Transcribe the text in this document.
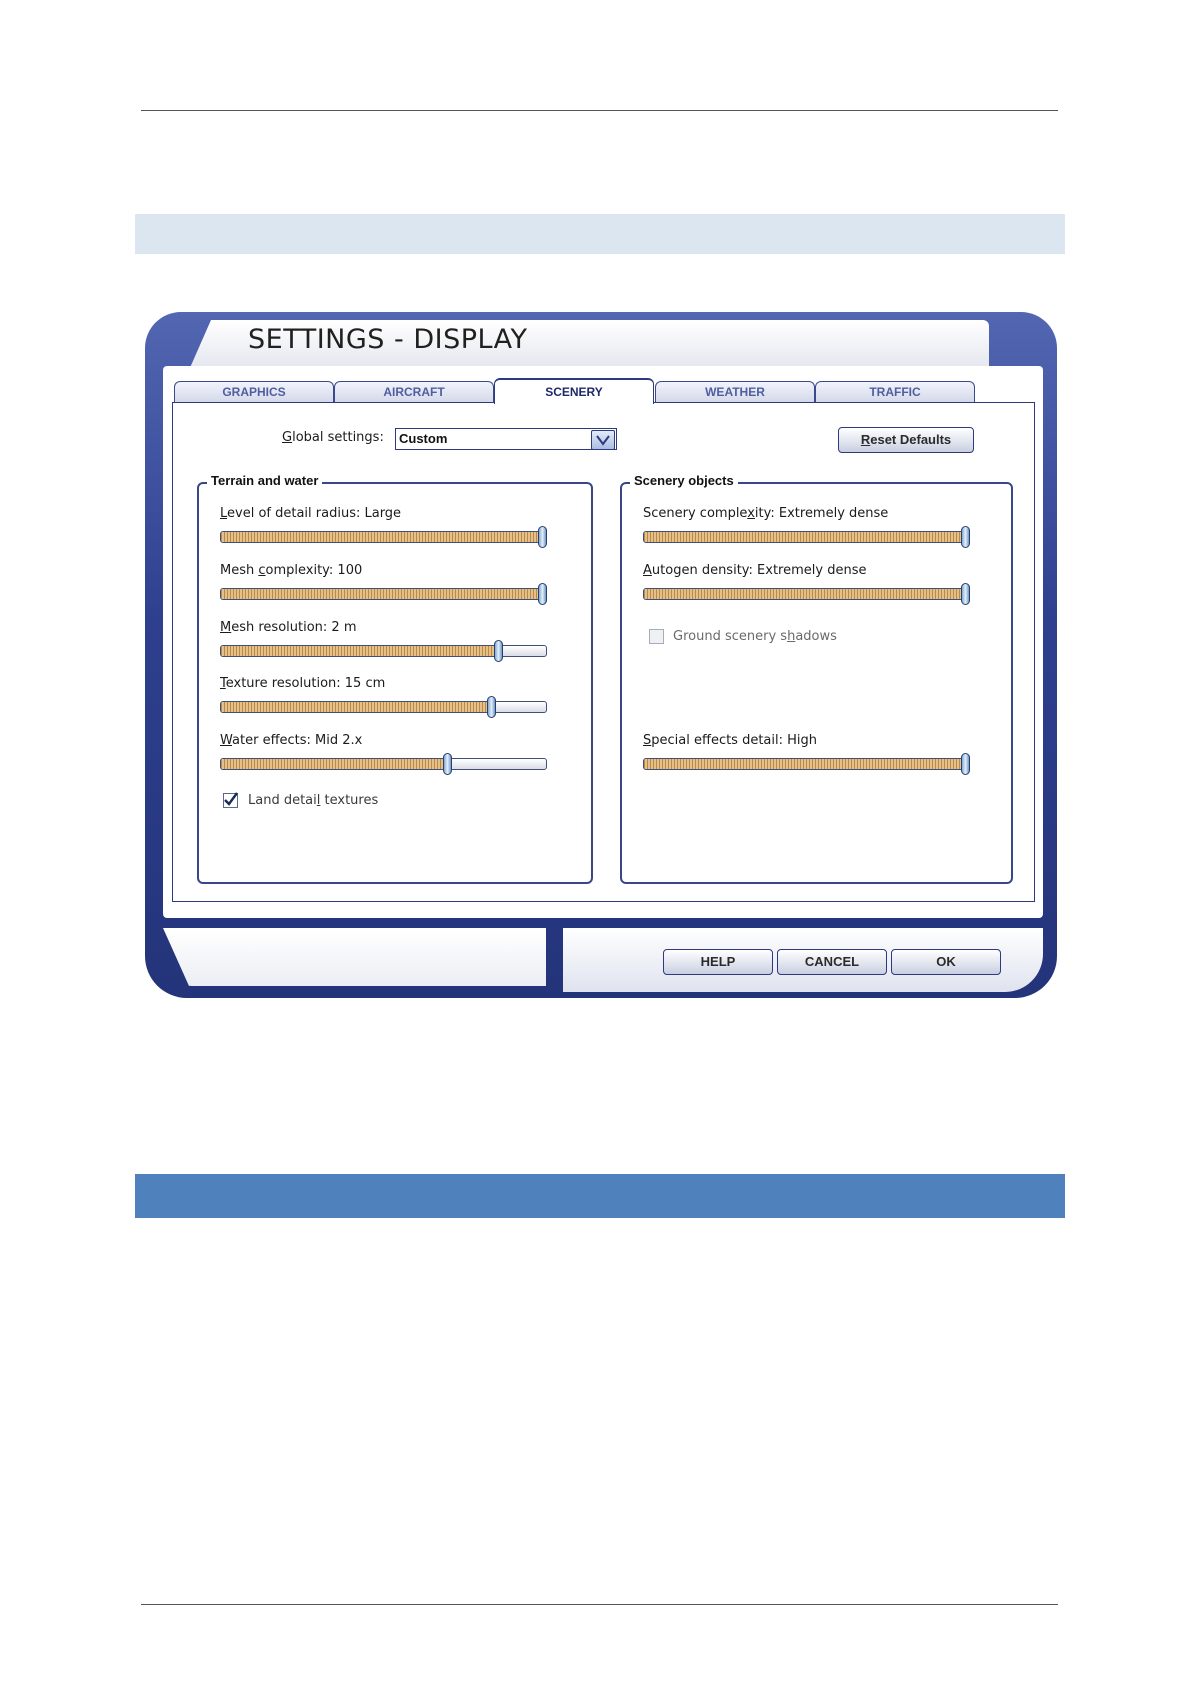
SETTINGS - DISPLAY
GRAPHICS	AIRCRAFT	SCENERY	WEATHER	TRAFFIC
Global settings: Custom	Reset Defaults
Terrain and water
Level of detail radius: Large
Mesh complexity: 100
Mesh resolution: 2 m
Texture resolution: 15 cm
Water effects: Mid 2.x
Land detail textures
Scenery objects
Scenery complexity: Extremely dense
Autogen density: Extremely dense
Ground scenery shadows
Special effects detail: High
HELP	CANCEL	OK
